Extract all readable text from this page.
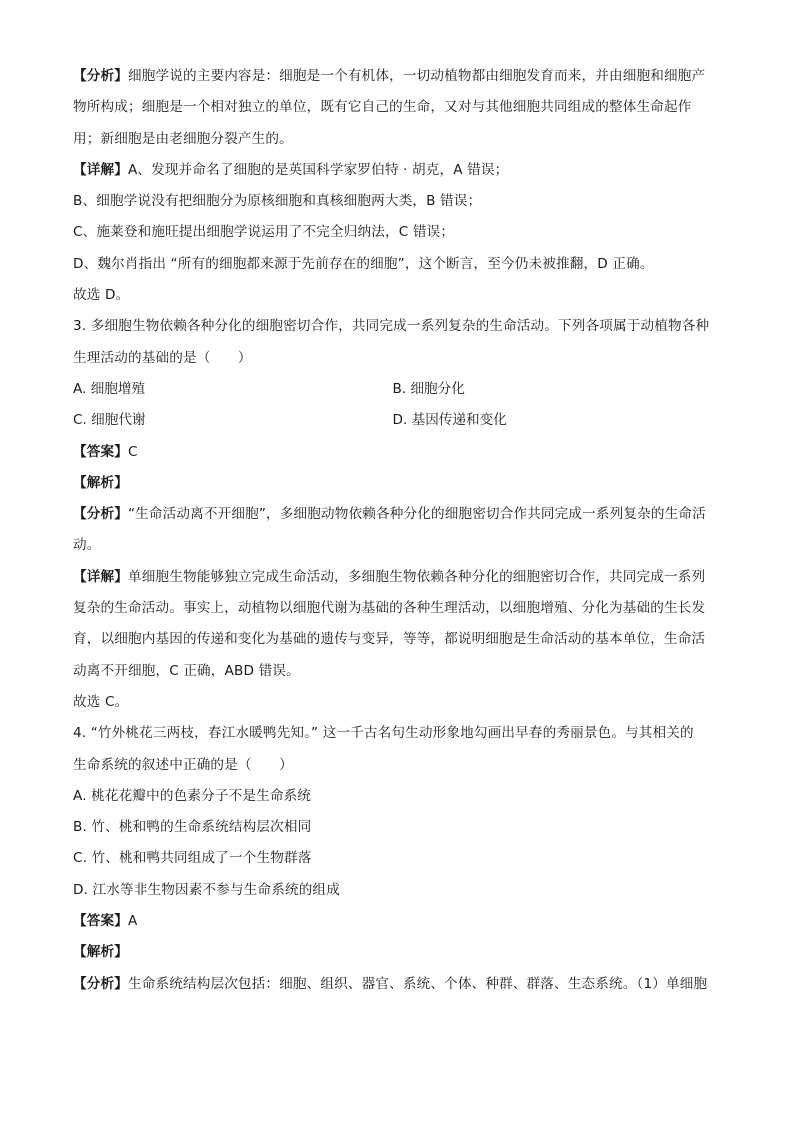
【分析】细胞学说的主要内容是：细胞是一个有机体，一切动植物都由细胞发育而来，并由细胞和细胞产
物所构成；细胞是一个相对独立的单位，既有它自己的生命，又对与其他细胞共同组成的整体生命起作
用；新细胞是由老细胞分裂产生的。
【详解】A、发现并命名了细胞的是英国科学家罗伯特 · 胡克，A 错误；
B、细胞学说没有把细胞分为原核细胞和真核细胞两大类，B 错误；
C、施莱登和施旺提出细胞学说运用了不完全归纳法，C 错误；
D、魏尔肖指出 “所有的细胞都来源于先前存在的细胞”，这个断言，至今仍未被推翻，D 正确。
故选 D。
3. 多细胞生物依赖各种分化的细胞密切合作，共同完成一系列复杂的生命活动。下列各项属于动植物各种
生理活动的基础的是（　　）
A. 细胞增殖	B. 细胞分化
C. 细胞代谢	D. 基因传递和变化
【答案】C
【解析】
【分析】“生命活动离不开细胞”，多细胞动物依赖各种分化的细胞密切合作共同完成一系列复杂的生命活
动。
【详解】单细胞生物能够独立完成生命活动，多细胞生物依赖各种分化的细胞密切合作，共同完成一系列
复杂的生命活动。事实上，动植物以细胞代谢为基础的各种生理活动，以细胞增殖、分化为基础的生长发
育，以细胞内基因的传递和变化为基础的遗传与变异，等等，都说明细胞是生命活动的基本单位，生命活
动离不开细胞，C 正确，ABD 错误。
故选 C。
4. “竹外桃花三两枝，春江水暖鸭先知。” 这一千古名句生动形象地勾画出早春的秀丽景色。与其相关的
生命系统的叙述中正确的是（　　）
A. 桃花花瓣中的色素分子不是生命系统
B. 竹、桃和鸭的生命系统结构层次相同
C. 竹、桃和鸭共同组成了一个生物群落
D. 江水等非生物因素不参与生命系统的组成
【答案】A
【解析】
【分析】生命系统结构层次包括：细胞、组织、器官、系统、个体、种群、群落、生态系统。（1）单细胞
